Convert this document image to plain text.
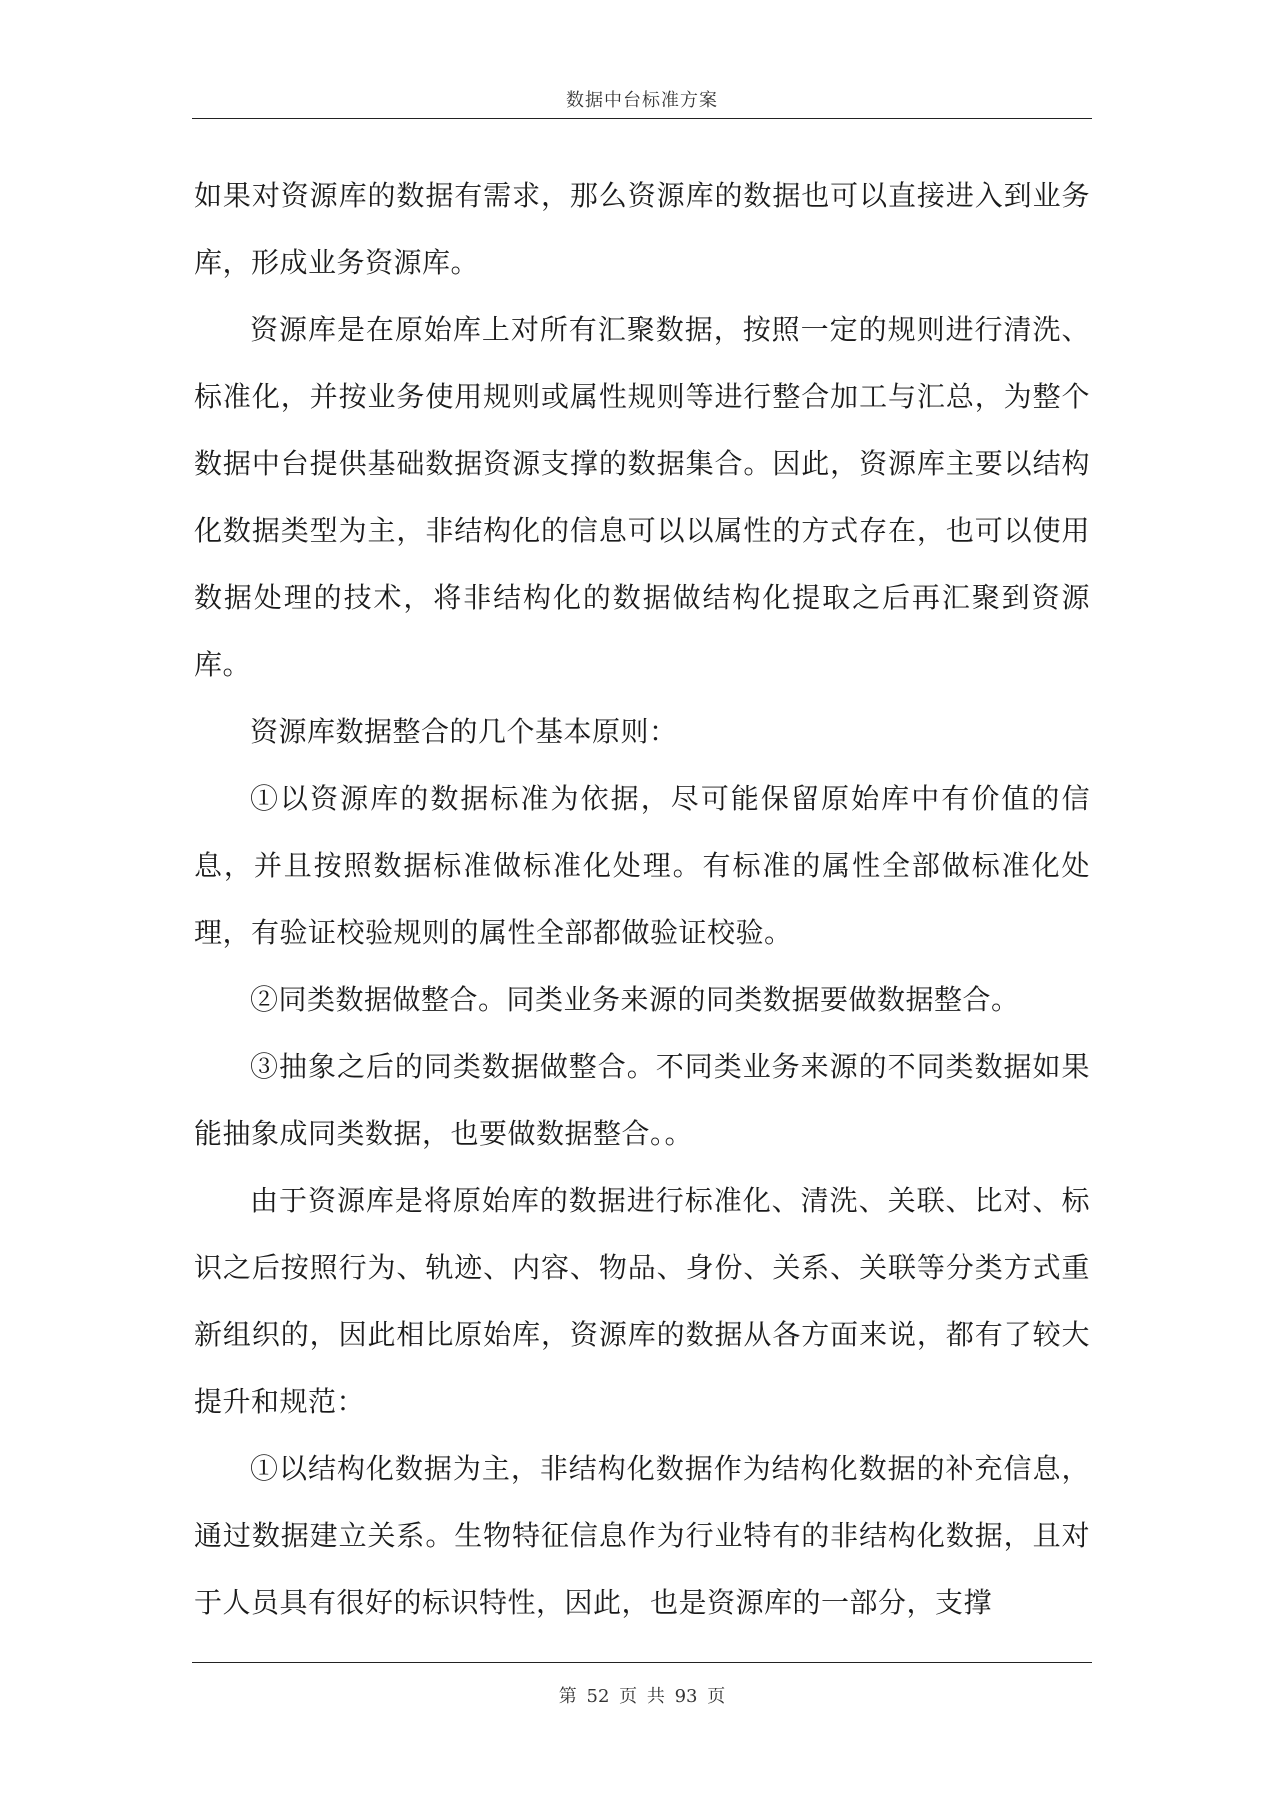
数据中台标准方案

如果对资源库的数据有需求，那么资源库的数据也可以直接进入到业务库，形成业务资源库。

资源库是在原始库上对所有汇聚数据，按照一定的规则进行清洗、标准化，并按业务使用规则或属性规则等进行整合加工与汇总，为整个数据中台提供基础数据资源支撑的数据集合。因此，资源库主要以结构化数据类型为主，非结构化的信息可以以属性的方式存在，也可以使用数据处理的技术，将非结构化的数据做结构化提取之后再汇聚到资源库。

资源库数据整合的几个基本原则：

①以资源库的数据标准为依据，尽可能保留原始库中有价值的信息，并且按照数据标准做标准化处理。有标准的属性全部做标准化处理，有验证校验规则的属性全部都做验证校验。

②同类数据做整合。同类业务来源的同类数据要做数据整合。

③抽象之后的同类数据做整合。不同类业务来源的不同类数据如果能抽象成同类数据，也要做数据整合。。

由于资源库是将原始库的数据进行标准化、清洗、关联、比对、标识之后按照行为、轨迹、内容、物品、身份、关系、关联等分类方式重新组织的，因此相比原始库，资源库的数据从各方面来说，都有了较大提升和规范：

①以结构化数据为主，非结构化数据作为结构化数据的补充信息，通过数据建立关系。生物特征信息作为行业特有的非结构化数据，且对于人员具有很好的标识特性，因此，也是资源库的一部分，支撑

第 52 页 共 93 页
